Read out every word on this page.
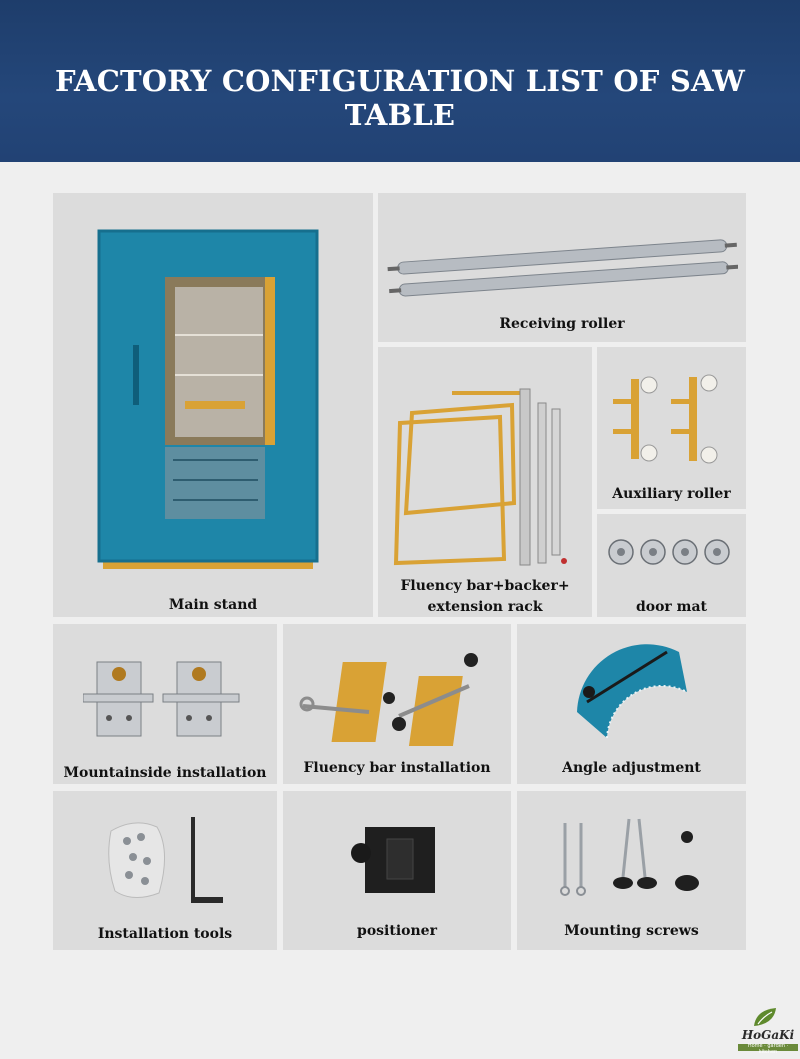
FACTORY CONFIGURATION LIST OF SAW TABLE
Main stand
Receiving roller
Fluency bar+backer+
extension rack
Auxiliary roller
door mat
Mountainside installation	Fluency bar installation	Angle adjustment
Installation tools	positioner	Mounting screws
HoGaKi
Home · garden · kitchen
